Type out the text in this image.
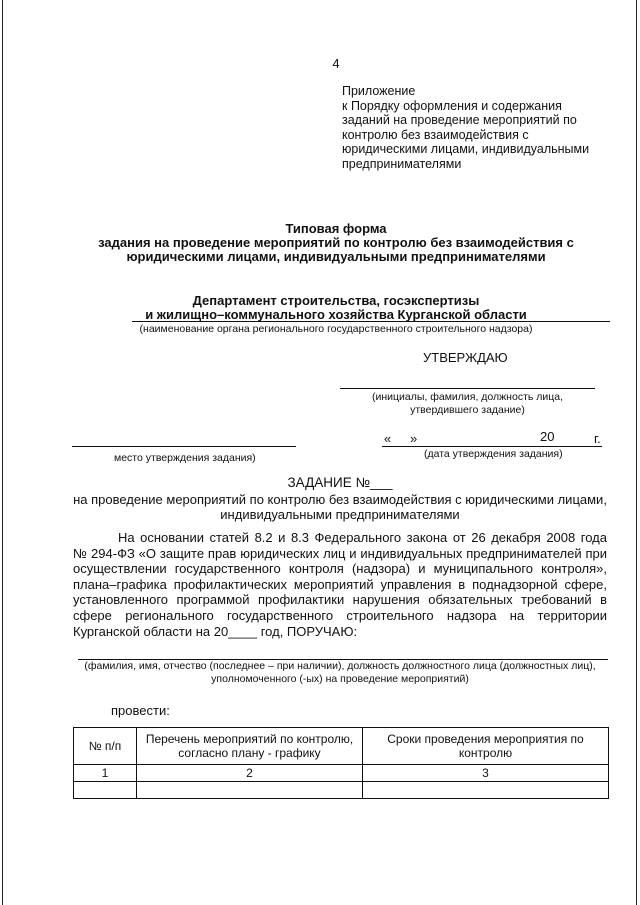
4
Приложение
к Порядку оформления и содержания
заданий на проведение мероприятий по
контролю без взаимодействия с
юридическими лицами, индивидуальными
предпринимателями
Типовая форма
задания на проведение мероприятий по контролю без взаимодействия с
юридическими лицами, индивидуальными предпринимателями
Департамент строительства, госэкспертизы
и жилищно–коммунального хозяйства Курганской области
(наименование органа регионального государственного строительного надзора)
УТВЕРЖДАЮ
(инициалы, фамилия, должность лица,
утвердившего задание)
« »	20	г.
(дата утверждения задания)
место утверждения задания)
ЗАДАНИЕ №___
на проведение мероприятий по контролю без взаимодействия с юридическими лицами,
индивидуальными предпринимателями
На основании статей 8.2 и 8.3 Федерального закона от 26 декабря 2008 года
№ 294-ФЗ «О защите прав юридических лиц и индивидуальных предпринимателей при
осуществлении государственного контроля (надзора) и муниципального контроля»,
плана–графика профилактических мероприятий управления в поднадзорной сфере,
установленного программой профилактики нарушения обязательных требований в
сфере регионального государственного строительного надзора на территории
Курганской области на 20____ год, ПОРУЧАЮ:
(фамилия, имя, отчество (последнее – при наличии), должность должностного лица (должностных лиц),
уполномоченного (-ых) на проведение мероприятий)
провести:
№ п/п	Перечень мероприятий по контролю, согласно плану - графику	Сроки проведения мероприятия по контролю
1	2	3
